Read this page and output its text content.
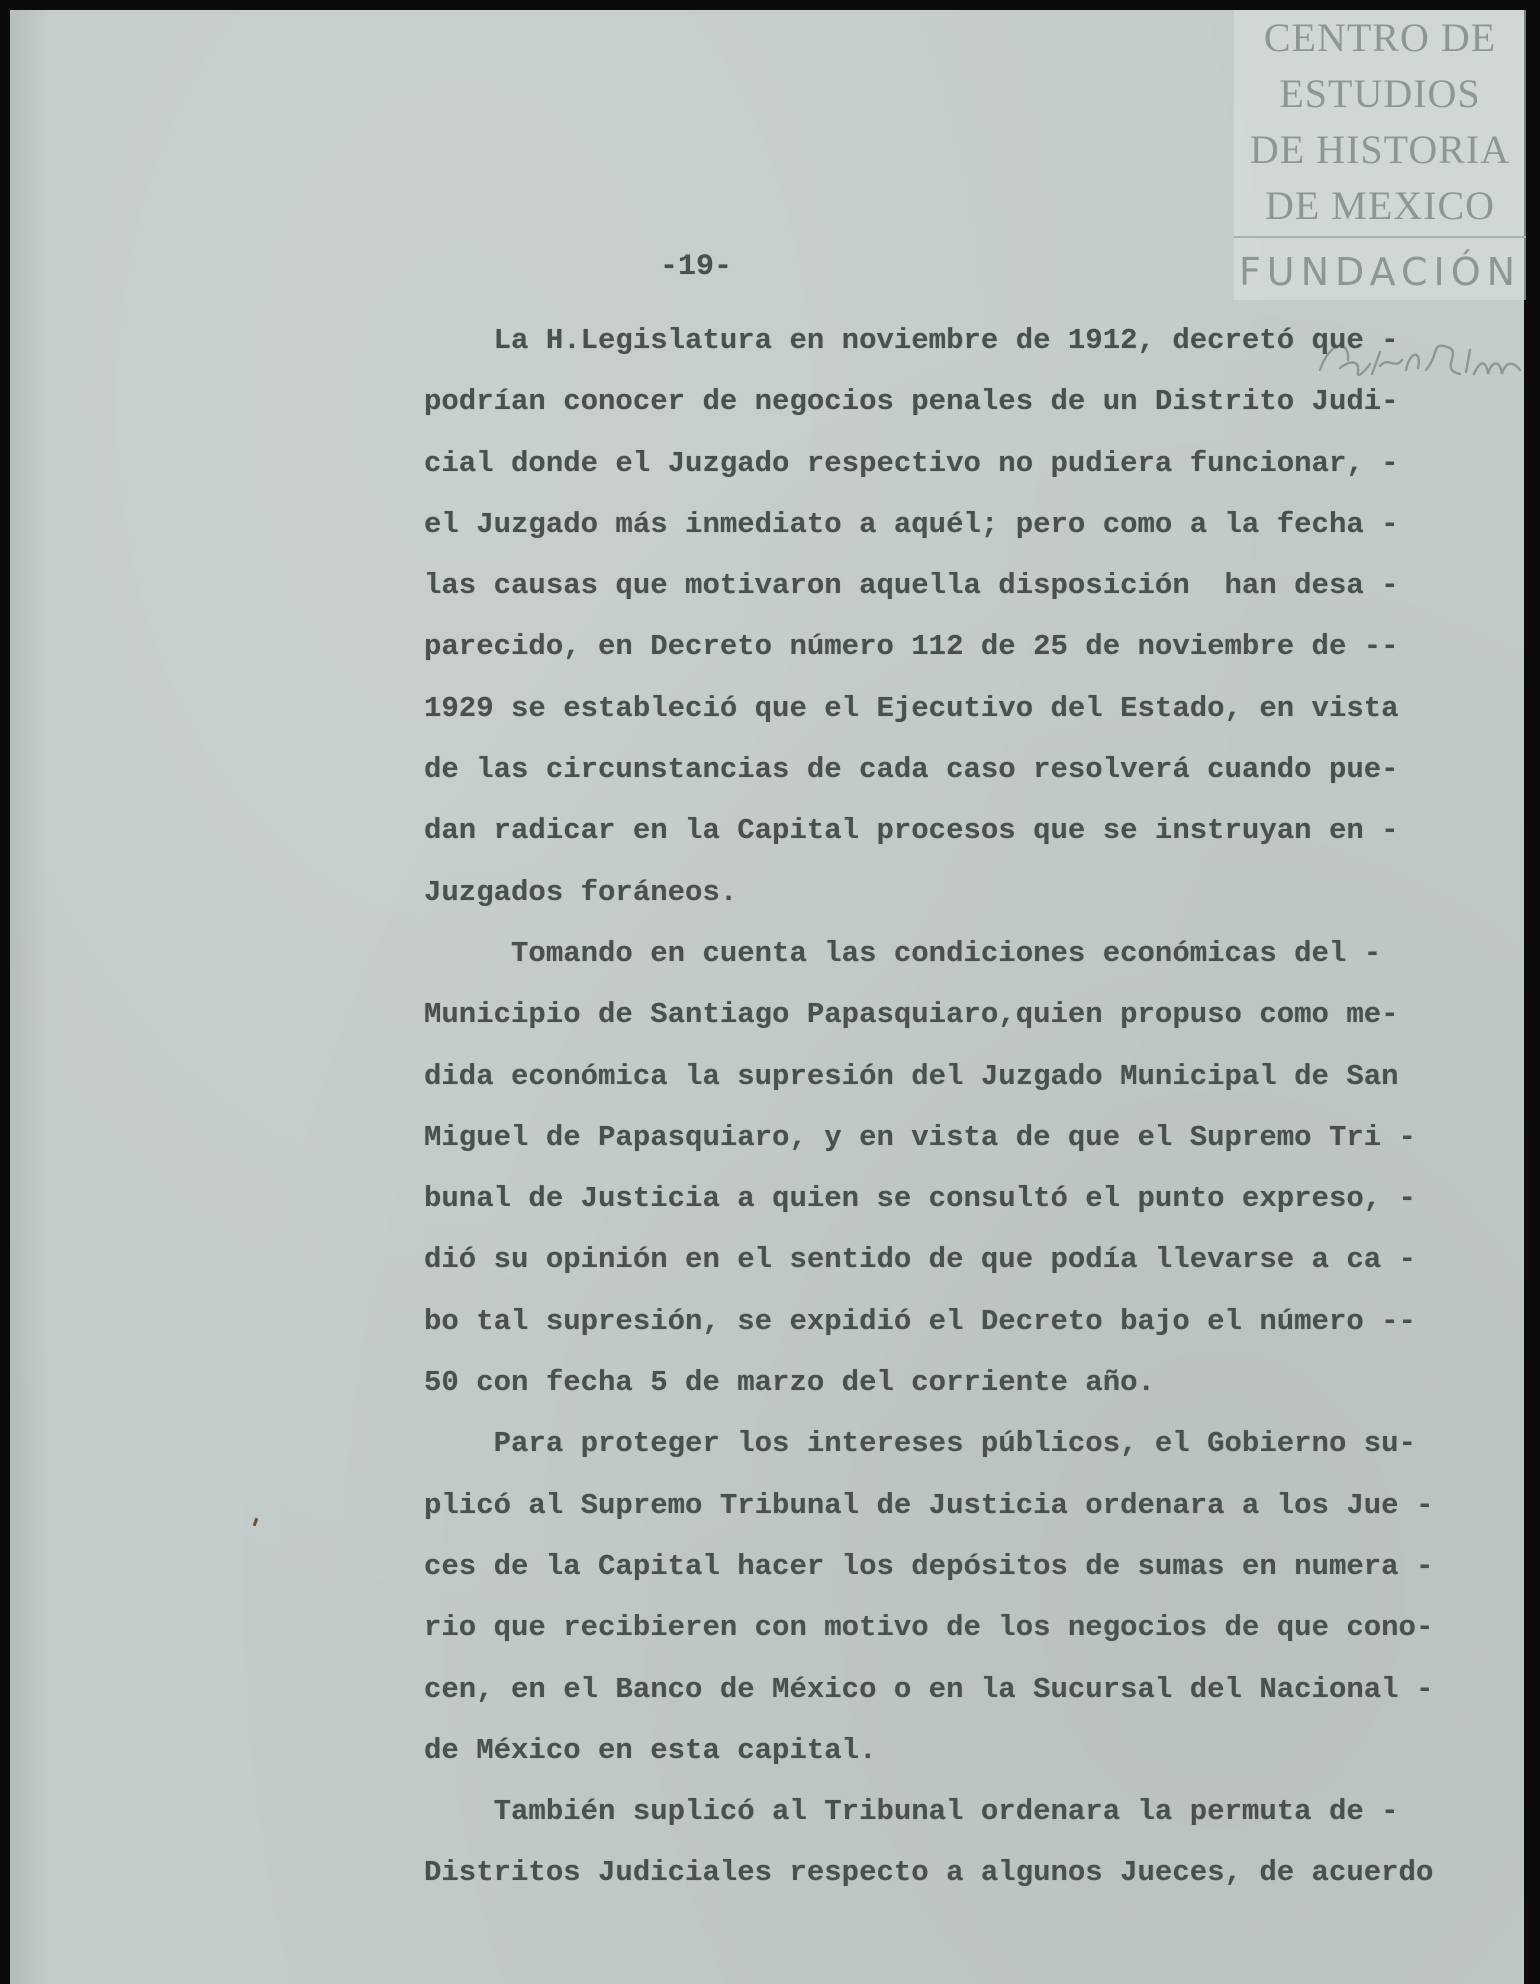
CENTRO DE
ESTUDIOS
DE HISTORIA
DE MEXICO
FUNDACIÓN
-19-
La H.Legislatura en noviembre de 1912, decretó que -
podrían conocer de negocios penales de un Distrito Judi-
cial donde el Juzgado respectivo no pudiera funcionar, -
el Juzgado más inmediato a aquél; pero como a la fecha -
las causas que motivaron aquella disposición  han desa -
parecido, en Decreto número 112 de 25 de noviembre de --
1929 se estableció que el Ejecutivo del Estado, en vista
de las circunstancias de cada caso resolverá cuando pue-
dan radicar en la Capital procesos que se instruyan en -
Juzgados foráneos.
Tomando en cuenta las condiciones económicas del -
Municipio de Santiago Papasquiaro,quien propuso como me-
dida económica la supresión del Juzgado Municipal de San
Miguel de Papasquiaro, y en vista de que el Supremo Tri -
bunal de Justicia a quien se consultó el punto expreso, -
dió su opinión en el sentido de que podía llevarse a ca -
bo tal supresión, se expidió el Decreto bajo el número --
50 con fecha 5 de marzo del corriente año.
Para proteger los intereses públicos, el Gobierno su-
plicó al Supremo Tribunal de Justicia ordenara a los Jue -
ces de la Capital hacer los depósitos de sumas en numera -
rio que recibieren con motivo de los negocios de que cono-
cen, en el Banco de México o en la Sucursal del Nacional -
de México en esta capital.
También suplicó al Tribunal ordenara la permuta de -
Distritos Judiciales respecto a algunos Jueces, de acuerdo
